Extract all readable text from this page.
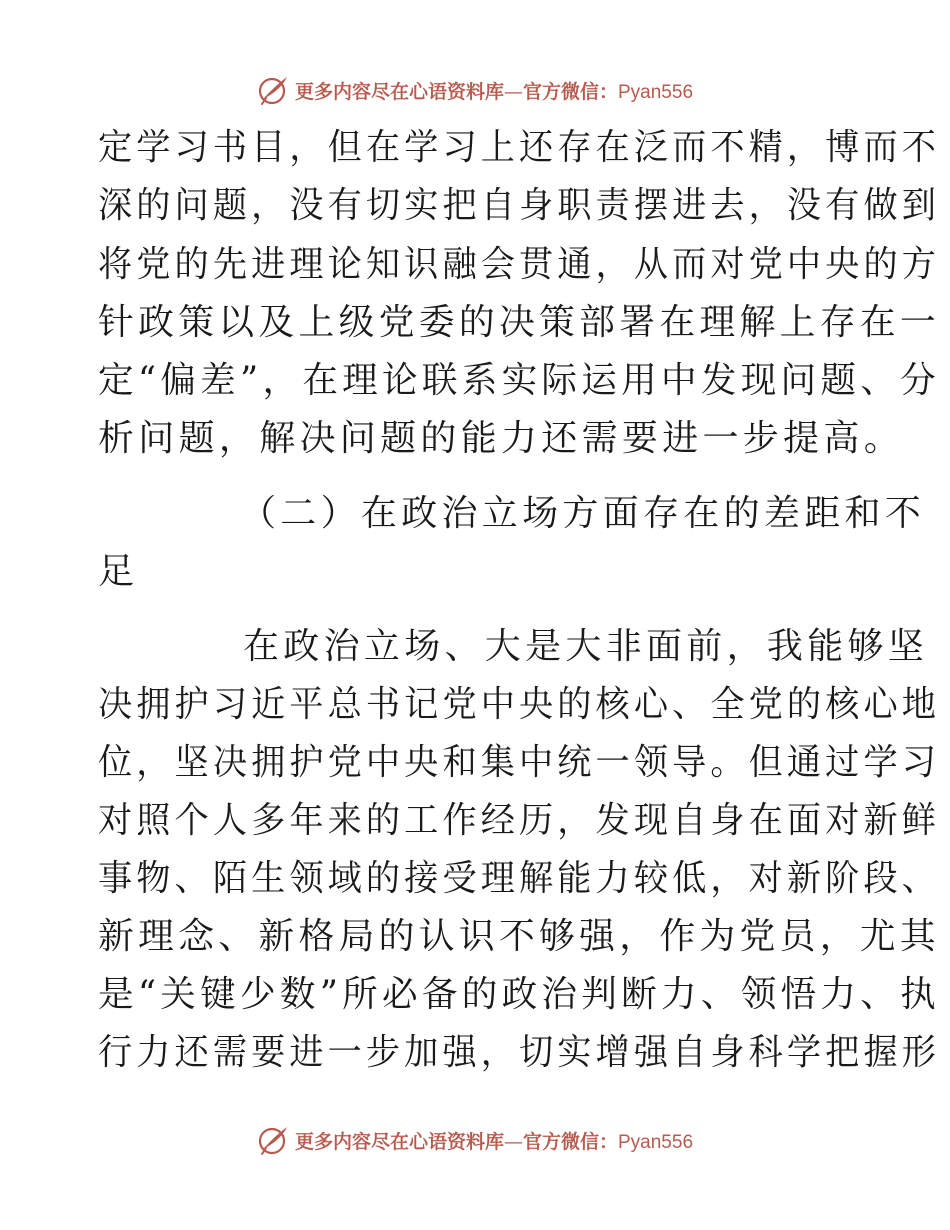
更多内容尽在心语资料库—官方微信：Pyan556
定学习书目，但在学习上还存在泛而不精，博而不
深的问题，没有切实把自身职责摆进去，没有做到
将党的先进理论知识融会贯通，从而对党中央的方
针政策以及上级党委的决策部署在理解上存在一
定“偏差”，在理论联系实际运用中发现问题、分
析问题，解决问题的能力还需要进一步提高。
（二）在政治立场方面存在的差距和不
足
在政治立场、大是大非面前，我能够坚
决拥护习近平总书记党中央的核心、全党的核心地
位，坚决拥护党中央和集中统一领导。但通过学习
对照个人多年来的工作经历，发现自身在面对新鲜
事物、陌生领域的接受理解能力较低，对新阶段、
新理念、新格局的认识不够强，作为党员，尤其
是“关键少数”所必备的政治判断力、领悟力、执
行力还需要进一步加强，切实增强自身科学把握形
更多内容尽在心语资料库—官方微信：Pyan556
